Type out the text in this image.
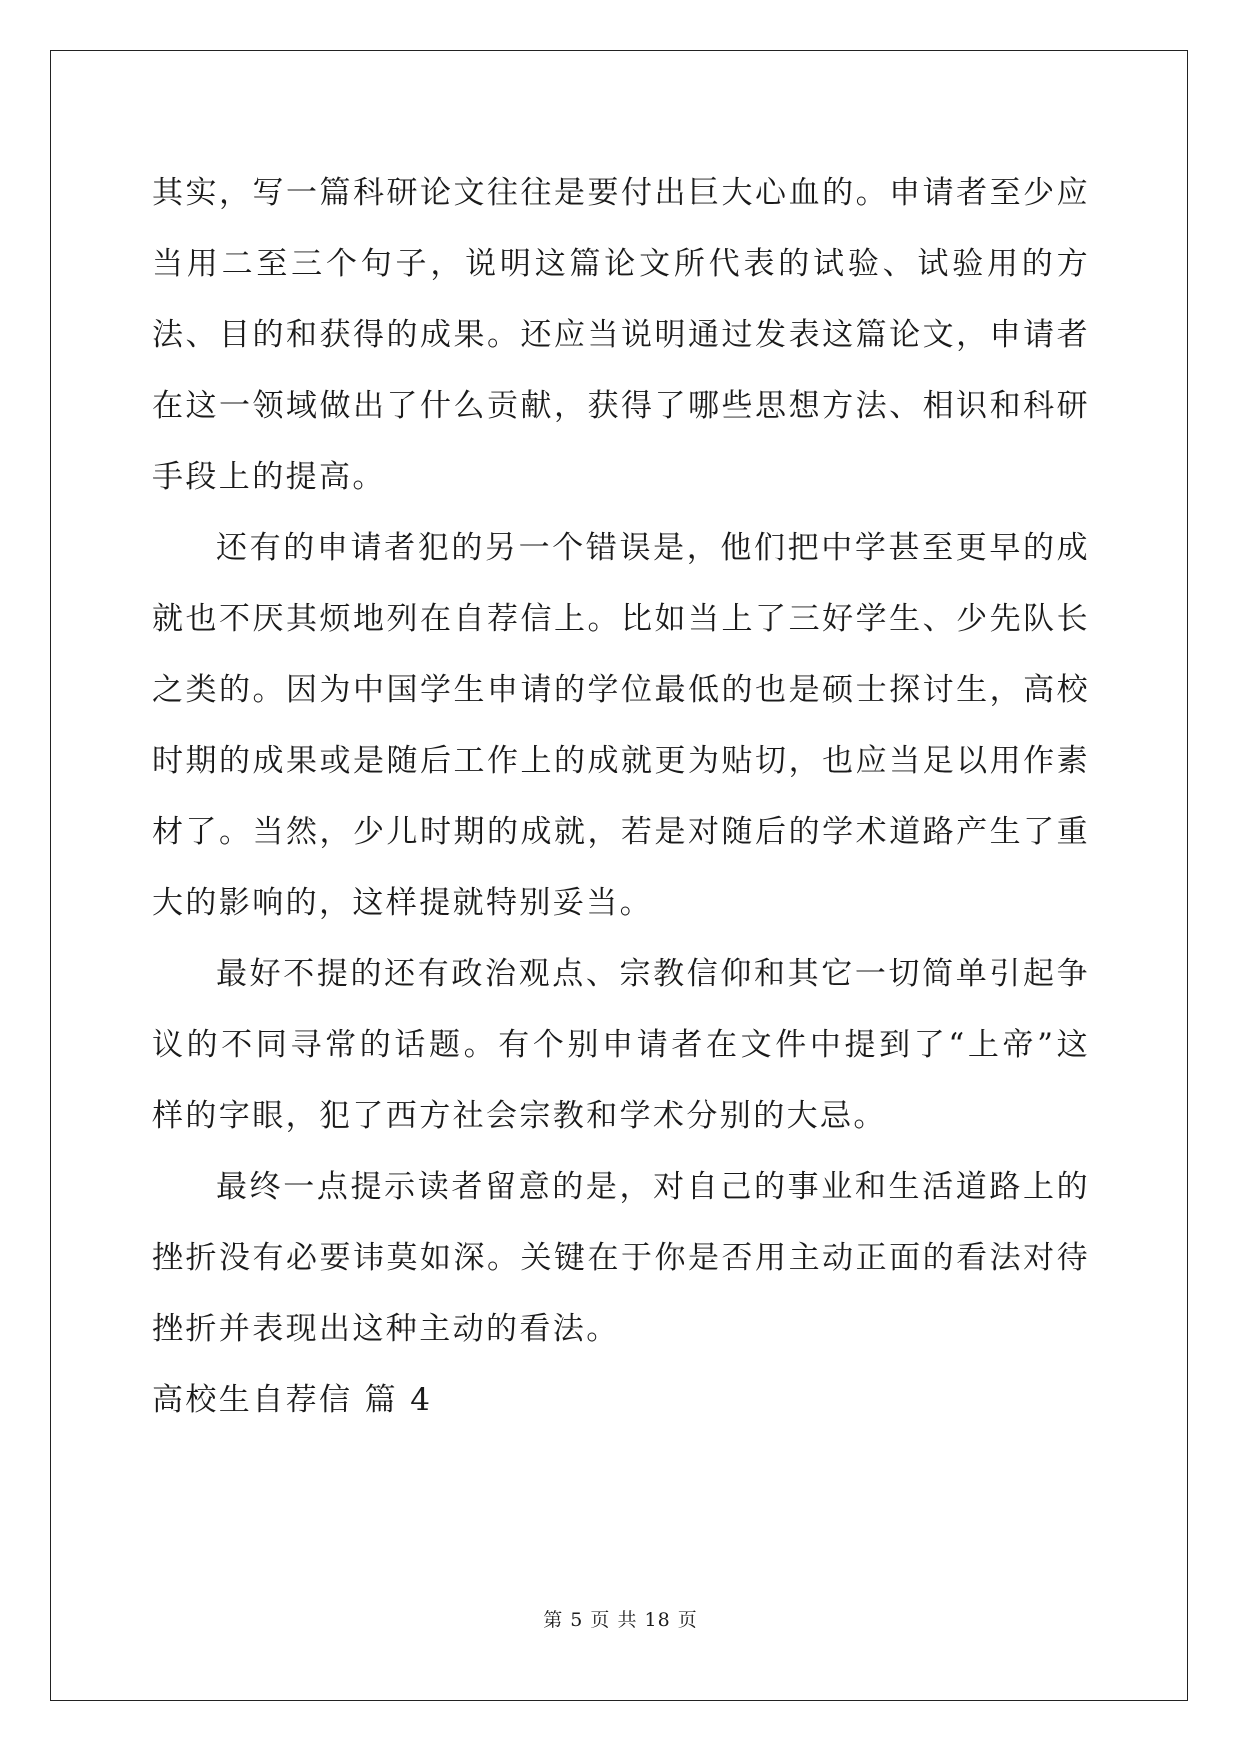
其实，写一篇科研论文往往是要付出巨大心血的。申请者至少应当用二至三个句子，说明这篇论文所代表的试验、试验用的方法、目的和获得的成果。还应当说明通过发表这篇论文，申请者在这一领域做出了什么贡献，获得了哪些思想方法、相识和科研手段上的提高。

还有的申请者犯的另一个错误是，他们把中学甚至更早的成就也不厌其烦地列在自荐信上。比如当上了三好学生、少先队长之类的。因为中国学生申请的学位最低的也是硕士探讨生，高校时期的成果或是随后工作上的成就更为贴切，也应当足以用作素材了。当然，少儿时期的成就，若是对随后的学术道路产生了重大的影响的，这样提就特别妥当。

最好不提的还有政治观点、宗教信仰和其它一切简单引起争议的不同寻常的话题。有个别申请者在文件中提到了“上帝”这样的字眼，犯了西方社会宗教和学术分别的大忌。

最终一点提示读者留意的是，对自己的事业和生活道路上的挫折没有必要讳莫如深。关键在于你是否用主动正面的看法对待挫折并表现出这种主动的看法。

高校生自荐信 篇 4

第 5 页 共 18 页
